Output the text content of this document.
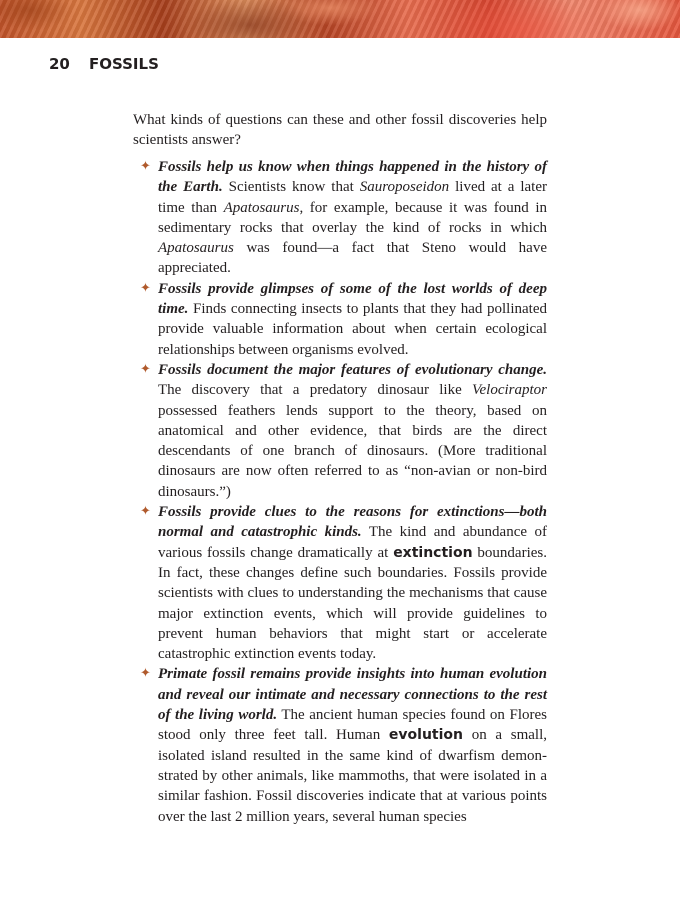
20 FOSSILS

What kinds of questions can these and other fossil discoveries help scientists answer?

✦ Fossils help us know when things happened in the history of the Earth. Scientists know that Sauroposeidon lived at a later time than Apatosaurus, for example, because it was found in sedimentary rocks that overlay the kind of rocks in which Apatosaurus was found—a fact that Steno would have appreciated.
✦ Fossils provide glimpses of some of the lost worlds of deep time. Finds connecting insects to plants that they had pollinated provide valuable information about when certain ecological relationships between organisms evolved.
✦ Fossils document the major features of evolutionary change. The discovery that a predatory dinosaur like Velociraptor possessed feathers lends support to the theory, based on anatomical and other evidence, that birds are the direct descendants of one branch of dinosaurs. (More traditional dinosaurs are now often referred to as “non-avian or non-bird dinosaurs.”)
✦ Fossils provide clues to the reasons for extinctions—both normal and catastrophic kinds. The kind and abundance of various fossils change dramatically at extinction boundaries. In fact, these changes define such boundaries. Fossils provide scientists with clues to understanding the mechanisms that cause major extinction events, which will provide guidelines to prevent human behaviors that might start or accelerate catastrophic extinction events today.
✦ Primate fossil remains provide insights into human evolution and reveal our intimate and necessary connections to the rest of the living world. The ancient human species found on Flores stood only three feet tall. Human evolution on a small, isolated island resulted in the same kind of dwarfism demon-strated by other animals, like mammoths, that were isolated in a similar fashion. Fossil discoveries indicate that at various points over the last 2 million years, several human species
